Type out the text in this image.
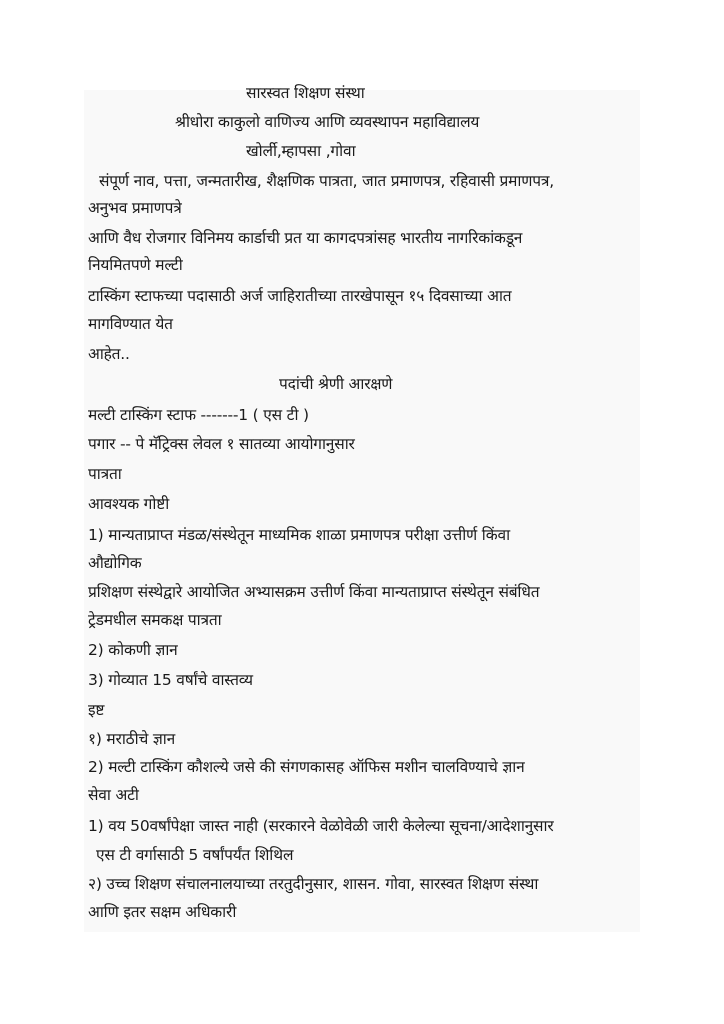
सारस्वत शिक्षण संस्था
श्रीधोरा काकुलो वाणिज्य आणि व्यवस्थापन महाविद्यालय
खोर्ली,म्हापसा ,गोवा
संपूर्ण नाव, पत्ता, जन्मतारीख, शैक्षणिक पात्रता, जात प्रमाणपत्र, रहिवासी प्रमाणपत्र,
अनुभव प्रमाणपत्रे
आणि वैध रोजगार विनिमय कार्डाची प्रत या कागदपत्रांसह भारतीय नागरिकांकडून
नियमितपणे मल्टी
टास्किंग स्टाफच्या पदासाठी अर्ज जाहिरातीच्या तारखेपासून १५ दिवसाच्या आत
मागविण्यात येत
आहेत..
पदांची श्रेणी आरक्षणे
मल्टी टास्किंग स्टाफ -------1 ( एस टी )
पगार -- पे मॅट्रिक्स लेवल १ सातव्या आयोगानुसार
पात्रता
आवश्यक गोष्टी
1) मान्यताप्राप्त मंडळ/संस्थेतून माध्यमिक शाळा प्रमाणपत्र परीक्षा उत्तीर्ण किंवा
औद्योगिक
प्रशिक्षण संस्थेद्वारे आयोजित अभ्यासक्रम उत्तीर्ण किंवा मान्यताप्राप्त संस्थेतून संबंधित
ट्रेडमधील समकक्ष पात्रता
2) कोकणी ज्ञान
3) गोव्यात 15 वर्षांचे वास्तव्य
इष्ट
१) मराठीचे ज्ञान
2) मल्टी टास्किंग कौशल्ये जसे की संगणकासह ऑफिस मशीन चालविण्याचे ज्ञान
सेवा अटी
1) वय 50वर्षांपेक्षा जास्त नाही (सरकारने वेळोवेळी जारी केलेल्या सूचना/आदेशानुसार
एस टी वर्गासाठी 5 वर्षांपर्यंत शिथिल
२) उच्च शिक्षण संचालनालयाच्या तरतुदीनुसार, शासन. गोवा, सारस्वत शिक्षण संस्था
आणि इतर सक्षम अधिकारी
